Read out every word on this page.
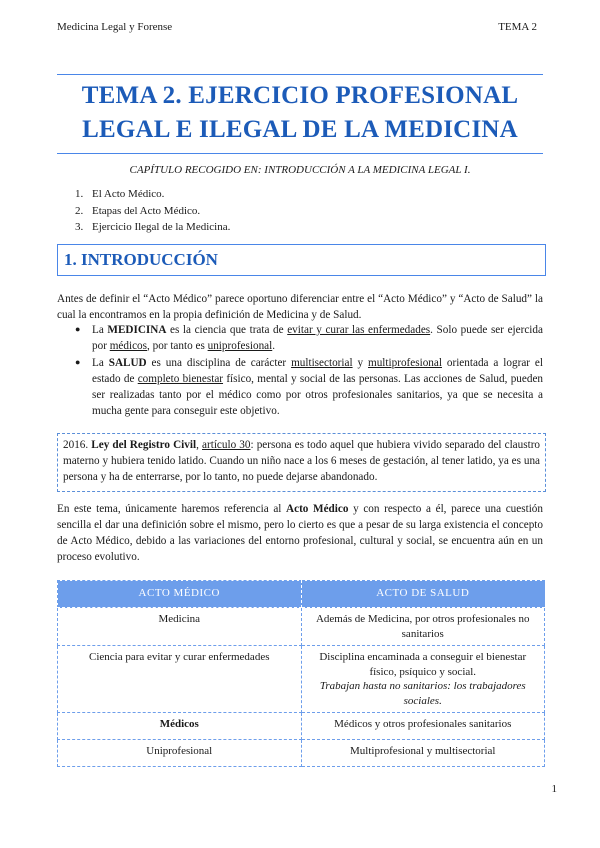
Medicina Legal y Forense	TEMA 2
TEMA 2. EJERCICIO PROFESIONAL
LEGAL E ILEGAL DE LA MEDICINA
CAPÍTULO RECOGIDO EN: INTRODUCCIÓN A LA MEDICINA LEGAL I.
1. El Acto Médico.
2. Etapas del Acto Médico.
3. Ejercicio Ilegal de la Medicina.
1. INTRODUCCIÓN

Antes de definir el “Acto Médico” parece oportuno diferenciar entre el “Acto Médico” y “Acto de Salud” la cual la encontramos en la propia definición de Medicina y de Salud.

● La MEDICINA es la ciencia que trata de evitar y curar las enfermedades. Solo puede ser ejercida por médicos, por tanto es uniprofesional.
● La SALUD es una disciplina de carácter multisectorial y multiprofesional orientada a lograr el estado de completo bienestar físico, mental y social de las personas. Las acciones de Salud, pueden ser realizadas tanto por el médico como por otros profesionales sanitarios, ya que se necesita a mucha gente para conseguir este objetivo.
2016. Ley del Registro Civil, artículo 30: persona es todo aquel que hubiera vivido separado del claustro materno y hubiera tenido latido. Cuando un niño nace a los 6 meses de gestación, al tener latido, ya es una persona y ha de enterrarse, por lo tanto, no puede dejarse abandonado.

En este tema, únicamente haremos referencia al Acto Médico y con respecto a él, parece una cuestión sencilla el dar una definición sobre el mismo, pero lo cierto es que a pesar de su larga existencia el concepto de Acto Médico, debido a las variaciones del entorno profesional, cultural y social, se encuentra aún en un proceso evolutivo.

ACTO MÉDICO	ACTO DE SALUD
Medicina	Además de Medicina, por otros profesionales no sanitarios
Ciencia para evitar y curar enfermedades	Disciplina encaminada a conseguir el bienestar físico, psíquico y social.
Trabajan hasta no sanitarios: los trabajadores sociales.

Médicos	Médicos y otros profesionales sanitarios
Uniprofesional	Multiprofesional y multisectorial
1
